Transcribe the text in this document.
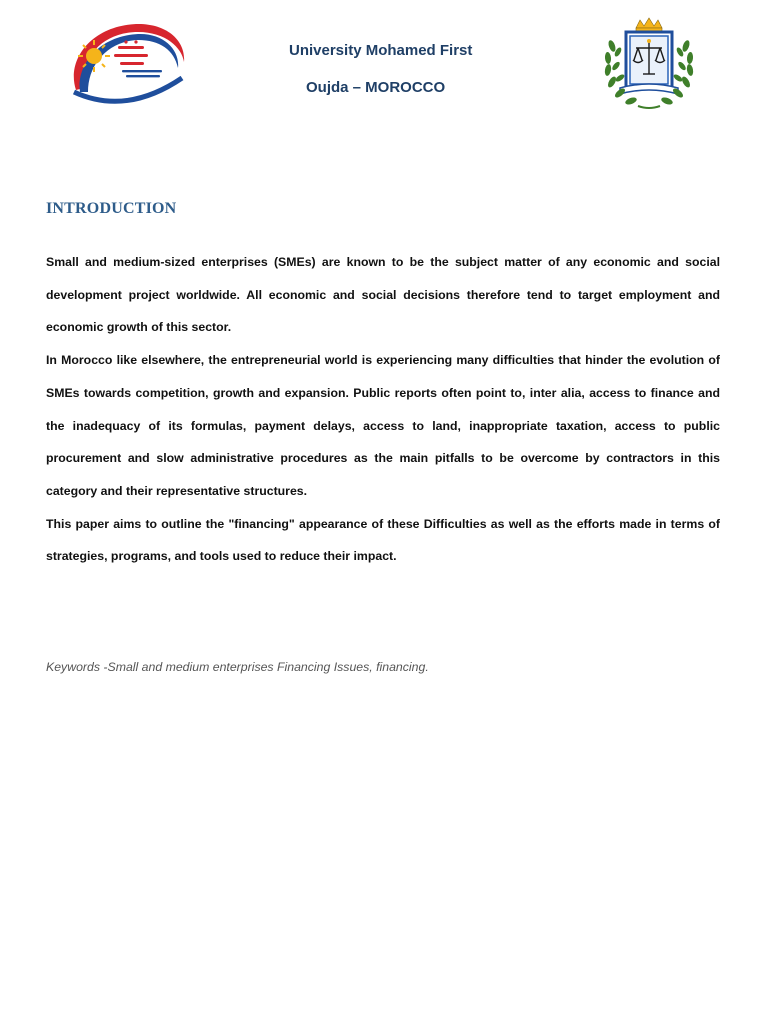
University Mohamed First
Oujda – MOROCCO
INTRODUCTION

Small and medium-sized enterprises (SMEs) are known to be the subject matter of any economic and social development project worldwide. All economic and social decisions therefore tend to target employment and economic growth of this sector.

In Morocco like elsewhere, the entrepreneurial world is experiencing many difficulties that hinder the evolution of SMEs towards competition, growth and expansion. Public reports often point to, inter alia, access to finance and the inadequacy of its formulas, payment delays, access to land, inappropriate taxation, access to public procurement and slow administrative procedures as the main pitfalls to be overcome by contractors in this category and their representative structures.

This paper aims to outline the "financing" appearance of these Difficulties as well as the efforts made in terms of strategies, programs, and tools used to reduce their impact.

Keywords -Small and medium enterprises Financing Issues, financing.
